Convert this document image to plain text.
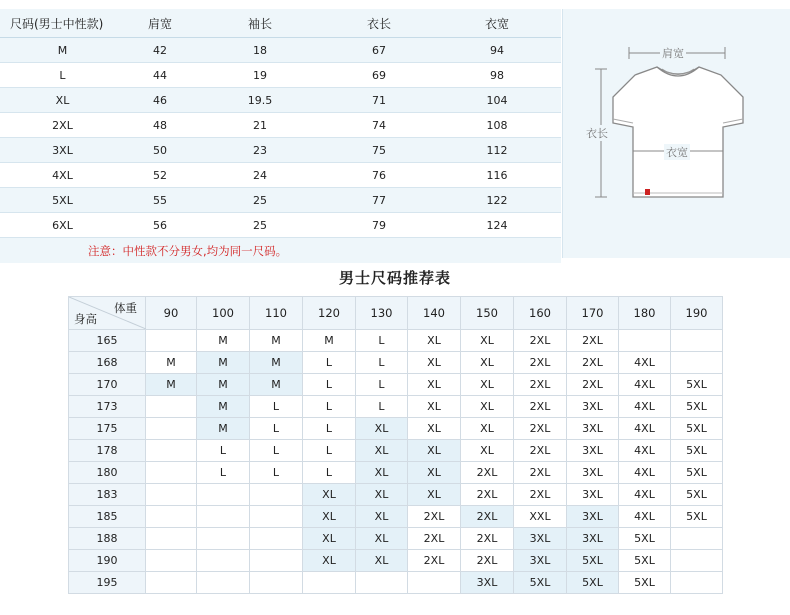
尺码(男士中性款)	肩宽	袖长	衣长	衣宽
M	42	18	67	94
L	44	19	69	98
XL	46	19.5	71	104
2XL	48	21	74	108
3XL	50	23	75	112
4XL	52	24	76	116
5XL	55	25	77	122
6XL	56	25	79	124
注意：中性款不分男女,均为同一尺码。				
肩宽
衣长
衣宽
男士尺码推荐表
体重
身高	90	100	110	120	130	140	150	160	170	180	190
165		M	M	M	L	XL	XL	2XL	2XL		
168	M	M	M	L	L	XL	XL	2XL	2XL	4XL	
170	M	M	M	L	L	XL	XL	2XL	2XL	4XL	5XL
173		M	L	L	L	XL	XL	2XL	3XL	4XL	5XL
175		M	L	L	XL	XL	XL	2XL	3XL	4XL	5XL
178		L	L	L	XL	XL	XL	2XL	3XL	4XL	5XL
180		L	L	L	XL	XL	2XL	2XL	3XL	4XL	5XL
183				XL	XL	XL	2XL	2XL	3XL	4XL	5XL
185				XL	XL	2XL	2XL	XXL	3XL	4XL	5XL
188				XL	XL	2XL	2XL	3XL	3XL	5XL	
190				XL	XL	2XL	2XL	3XL	5XL	5XL	
195							3XL	5XL	5XL	5XL	
